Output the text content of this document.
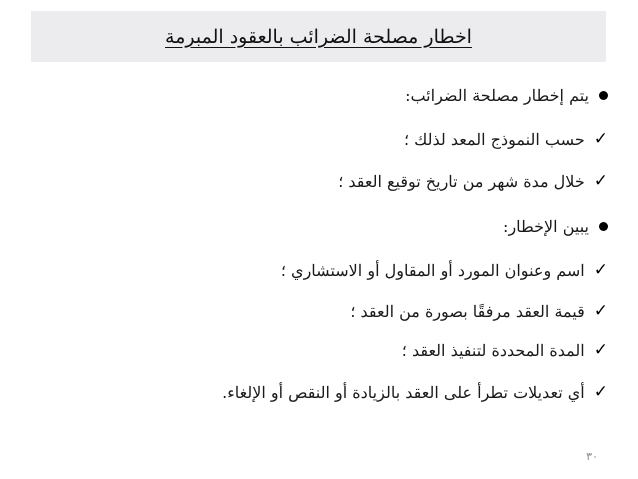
اخطار مصلحة الضرائب بالعقود المبرمة
يتم إخطار مصلحة الضرائب:
✓
حسب النموذج المعد لذلك ؛
✓
خلال مدة شهر من تاريخ توقيع العقد ؛
يبين الإخطار:
✓
اسم وعنوان المورد أو المقاول أو الاستشاري ؛
✓
قيمة العقد مرفقًا بصورة من العقد ؛
✓
المدة المحددة لتنفيذ العقد ؛
✓
أي تعديلات تطرأ على العقد بالزيادة أو النقص أو الإلغاء.
٣٠
